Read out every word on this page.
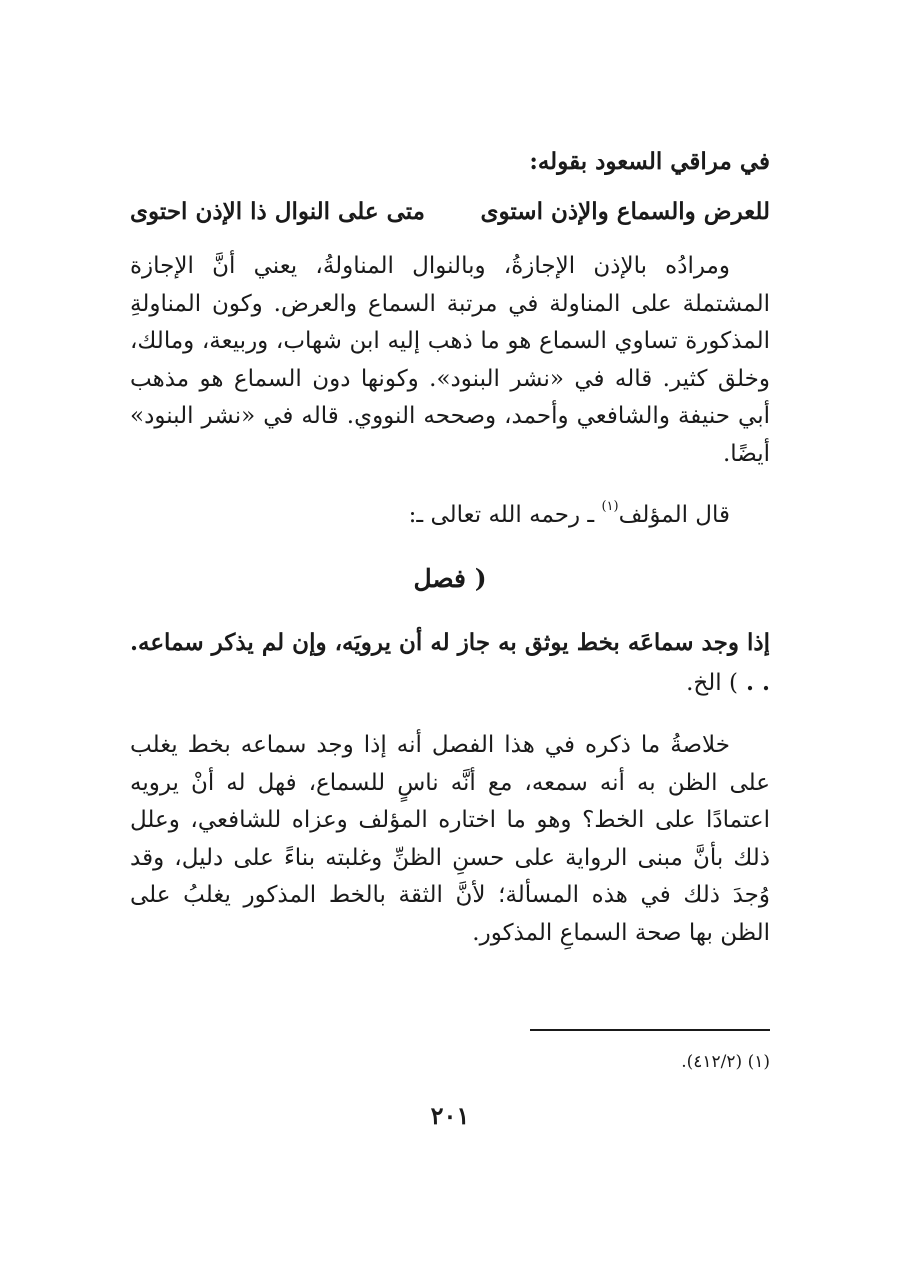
في مراقي السعود بقوله:

للعرض والسماع والإذن استوى
متى على النوال ذا الإذن احتوى

ومرادُه بالإذن الإجازةُ، وبالنوال المناولةُ، يعني أنَّ الإجازة المشتملة على المناولة في مرتبة السماع والعرض. وكون المناولةِ المذكورة تساوي السماع هو ما ذهب إليه ابن شهاب، وربيعة، ومالك، وخلق كثير. قاله في «نشر البنود». وكونها دون السماع هو مذهب أبي حنيفة والشافعي وأحمد، وصححه النووي. قاله في «نشر البنود» أيضًا.

قال المؤلف$^{(١)}$ ـ رحمه الله تعالى ـ:
( فصل

إذا وجد سماعَه بخط يوثق به جاز له أن يرويَه، وإن لم يذكر سماعه. . . ) الخ.

خلاصةُ ما ذكره في هذا الفصل أنه إذا وجد سماعه بخط يغلب على الظن به أنه سمعه، مع أنَّه ناسٍ للسماع، فهل له أنْ يرويه اعتمادًا على الخط؟ وهو ما اختاره المؤلف وعزاه للشافعي، وعلل ذلك بأنَّ مبنى الرواية على حسنِ الظنِّ وغلبته بناءً على دليل، وقد وُجدَ ذلك في هذه المسألة؛ لأنَّ الثقة بالخط المذكور يغلبُ على الظن بها صحة السماعِ المذكور.

(١) (٤١٢/٢).
٢٠١
